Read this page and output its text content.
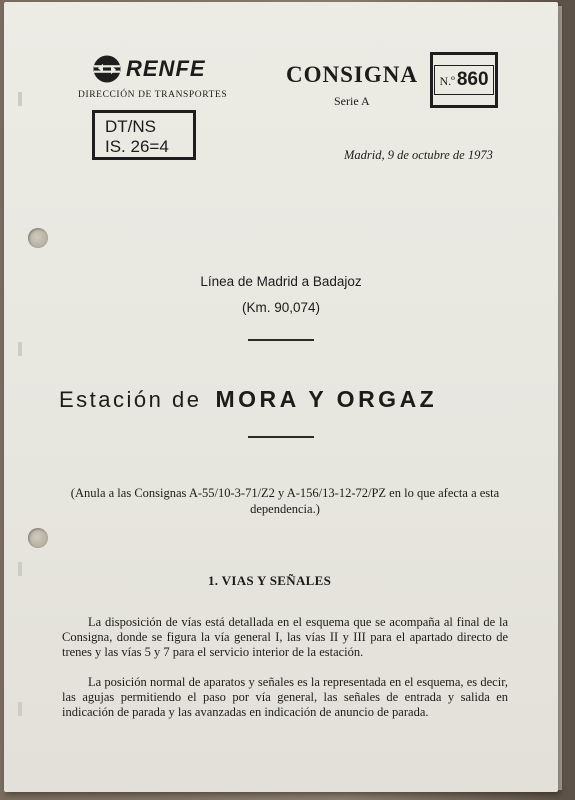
RENFE
DIRECCIÓN DE TRANSPORTES
DT/NS
IS. 26=4
CONSIGNA
Serie A
N.º 860
Madrid, 9 de octubre de 1973
Línea de Madrid a Badajoz
(Km. 90,074)
Estación de MORA Y ORGAZ
(Anula a las Consignas A-55/10-3-71/Z2 y A-156/13-12-72/PZ en lo que afecta a esta dependencia.)
1. VIAS Y SEÑALES
La disposición de vías está detallada en el esquema que se acompaña al final de la Consigna, donde se figura la vía general I, las vías II y III para el apartado directo de trenes y las vías 5 y 7 para el servicio interior de la estación.
La posición normal de aparatos y señales es la representada en el esquema, es decir, las agujas permitiendo el paso por vía general, las señales de entrada y salida en indicación de parada y las avanzadas en indicación de anuncio de parada.
